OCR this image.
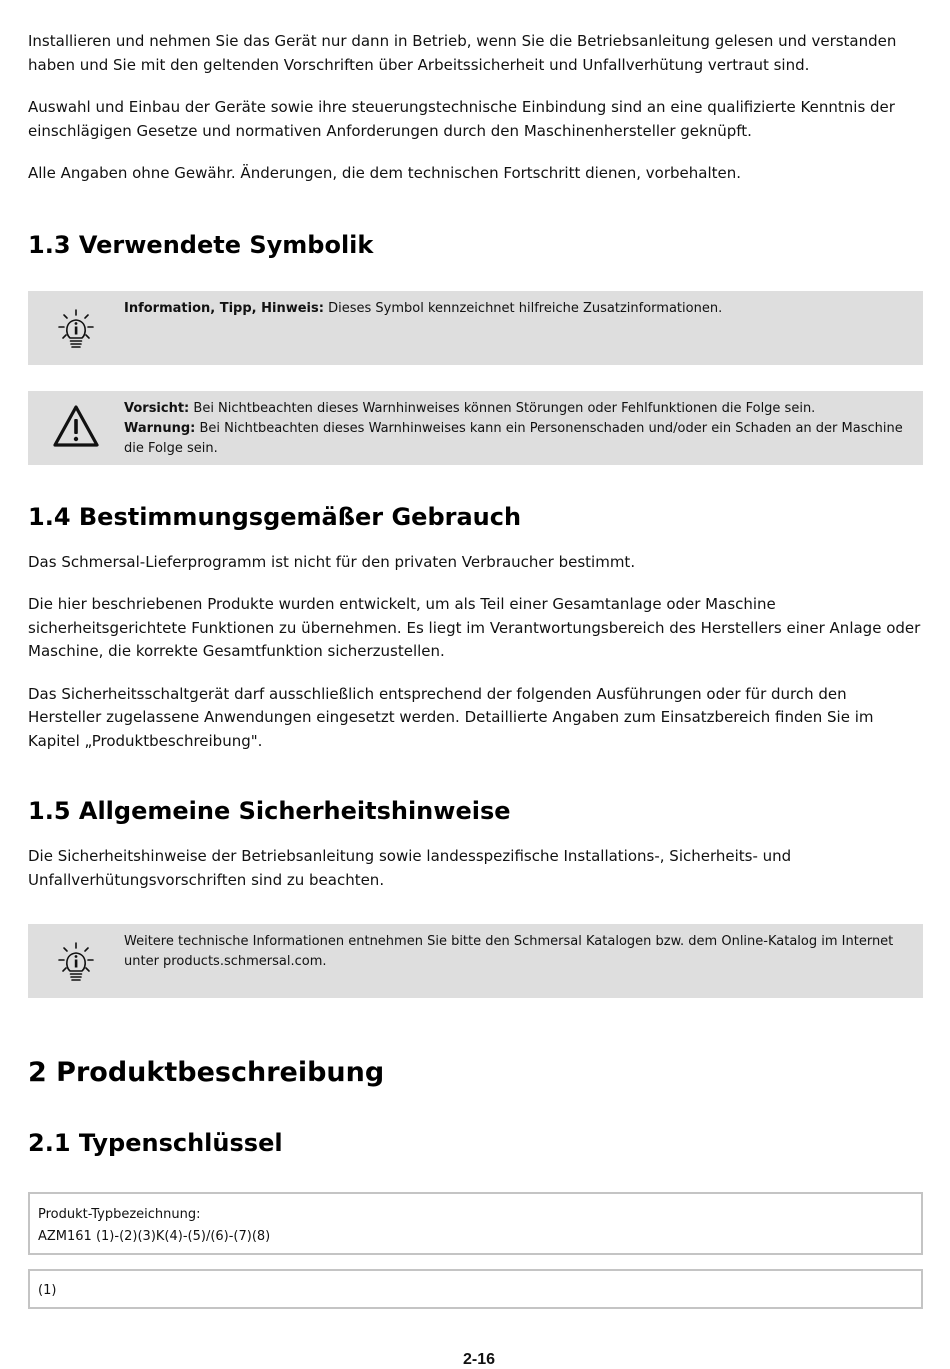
Installieren und nehmen Sie das Gerät nur dann in Betrieb, wenn Sie die Betriebsanleitung gelesen und verstanden haben und Sie mit den geltenden Vorschriften über Arbeitssicherheit und Unfallverhütung vertraut sind.

Auswahl und Einbau der Geräte sowie ihre steuerungstechnische Einbindung sind an eine qualifizierte Kenntnis der einschlägigen Gesetze und normativen Anforderungen durch den Maschinenhersteller geknüpft.

Alle Angaben ohne Gewähr. Änderungen, die dem technischen Fortschritt dienen, vorbehalten.

1.3 Verwendete Symbolik
Information, Tipp, Hinweis: Dieses Symbol kennzeichnet hilfreiche Zusatzinformationen.
Vorsicht: Bei Nichtbeachten dieses Warnhinweises können Störungen oder Fehlfunktionen die Folge sein.
Warnung: Bei Nichtbeachten dieses Warnhinweises kann ein Personenschaden und/oder ein Schaden an der Maschine die Folge sein.
1.4 Bestimmungsgemäßer Gebrauch

Das Schmersal-Lieferprogramm ist nicht für den privaten Verbraucher bestimmt.

Die hier beschriebenen Produkte wurden entwickelt, um als Teil einer Gesamtanlage oder Maschine sicherheitsgerichtete Funktionen zu übernehmen. Es liegt im Verantwortungsbereich des Herstellers einer Anlage oder Maschine, die korrekte Gesamtfunktion sicherzustellen.

Das Sicherheitsschaltgerät darf ausschließlich entsprechend der folgenden Ausführungen oder für durch den Hersteller zugelassene Anwendungen eingesetzt werden. Detaillierte Angaben zum Einsatzbereich finden Sie im Kapitel „Produktbeschreibung".

1.5 Allgemeine Sicherheitshinweise

Die Sicherheitshinweise der Betriebsanleitung sowie landesspezifische Installations-, Sicherheits- und Unfallverhütungsvorschriften sind zu beachten.

Weitere technische Informationen entnehmen Sie bitte den Schmersal Katalogen bzw. dem Online-Katalog im Internet unter products.schmersal.com.
2 Produktbeschreibung
2.1 Typenschlüssel
Produkt-Typbezeichnung:
AZM161 (1)-(2)(3)K(4)-(5)/(6)-(7)(8)
(1)
2-16
